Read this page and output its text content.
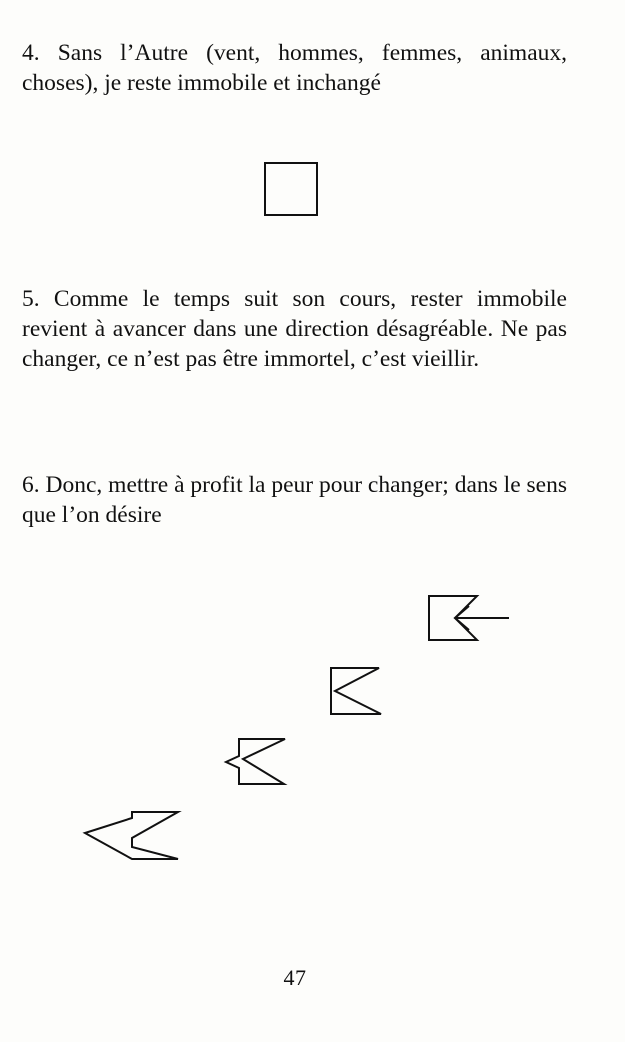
4. Sans l’Autre (vent, hommes, femmes, animaux, choses), je reste immobile et inchangé

5. Comme le temps suit son cours, rester immobile revient à avancer dans une direction désagréable. Ne pas changer, ce n’est pas être immortel, c’est vieillir.

6. Donc, mettre à profit la peur pour changer; dans le sens que l’on désire

47
